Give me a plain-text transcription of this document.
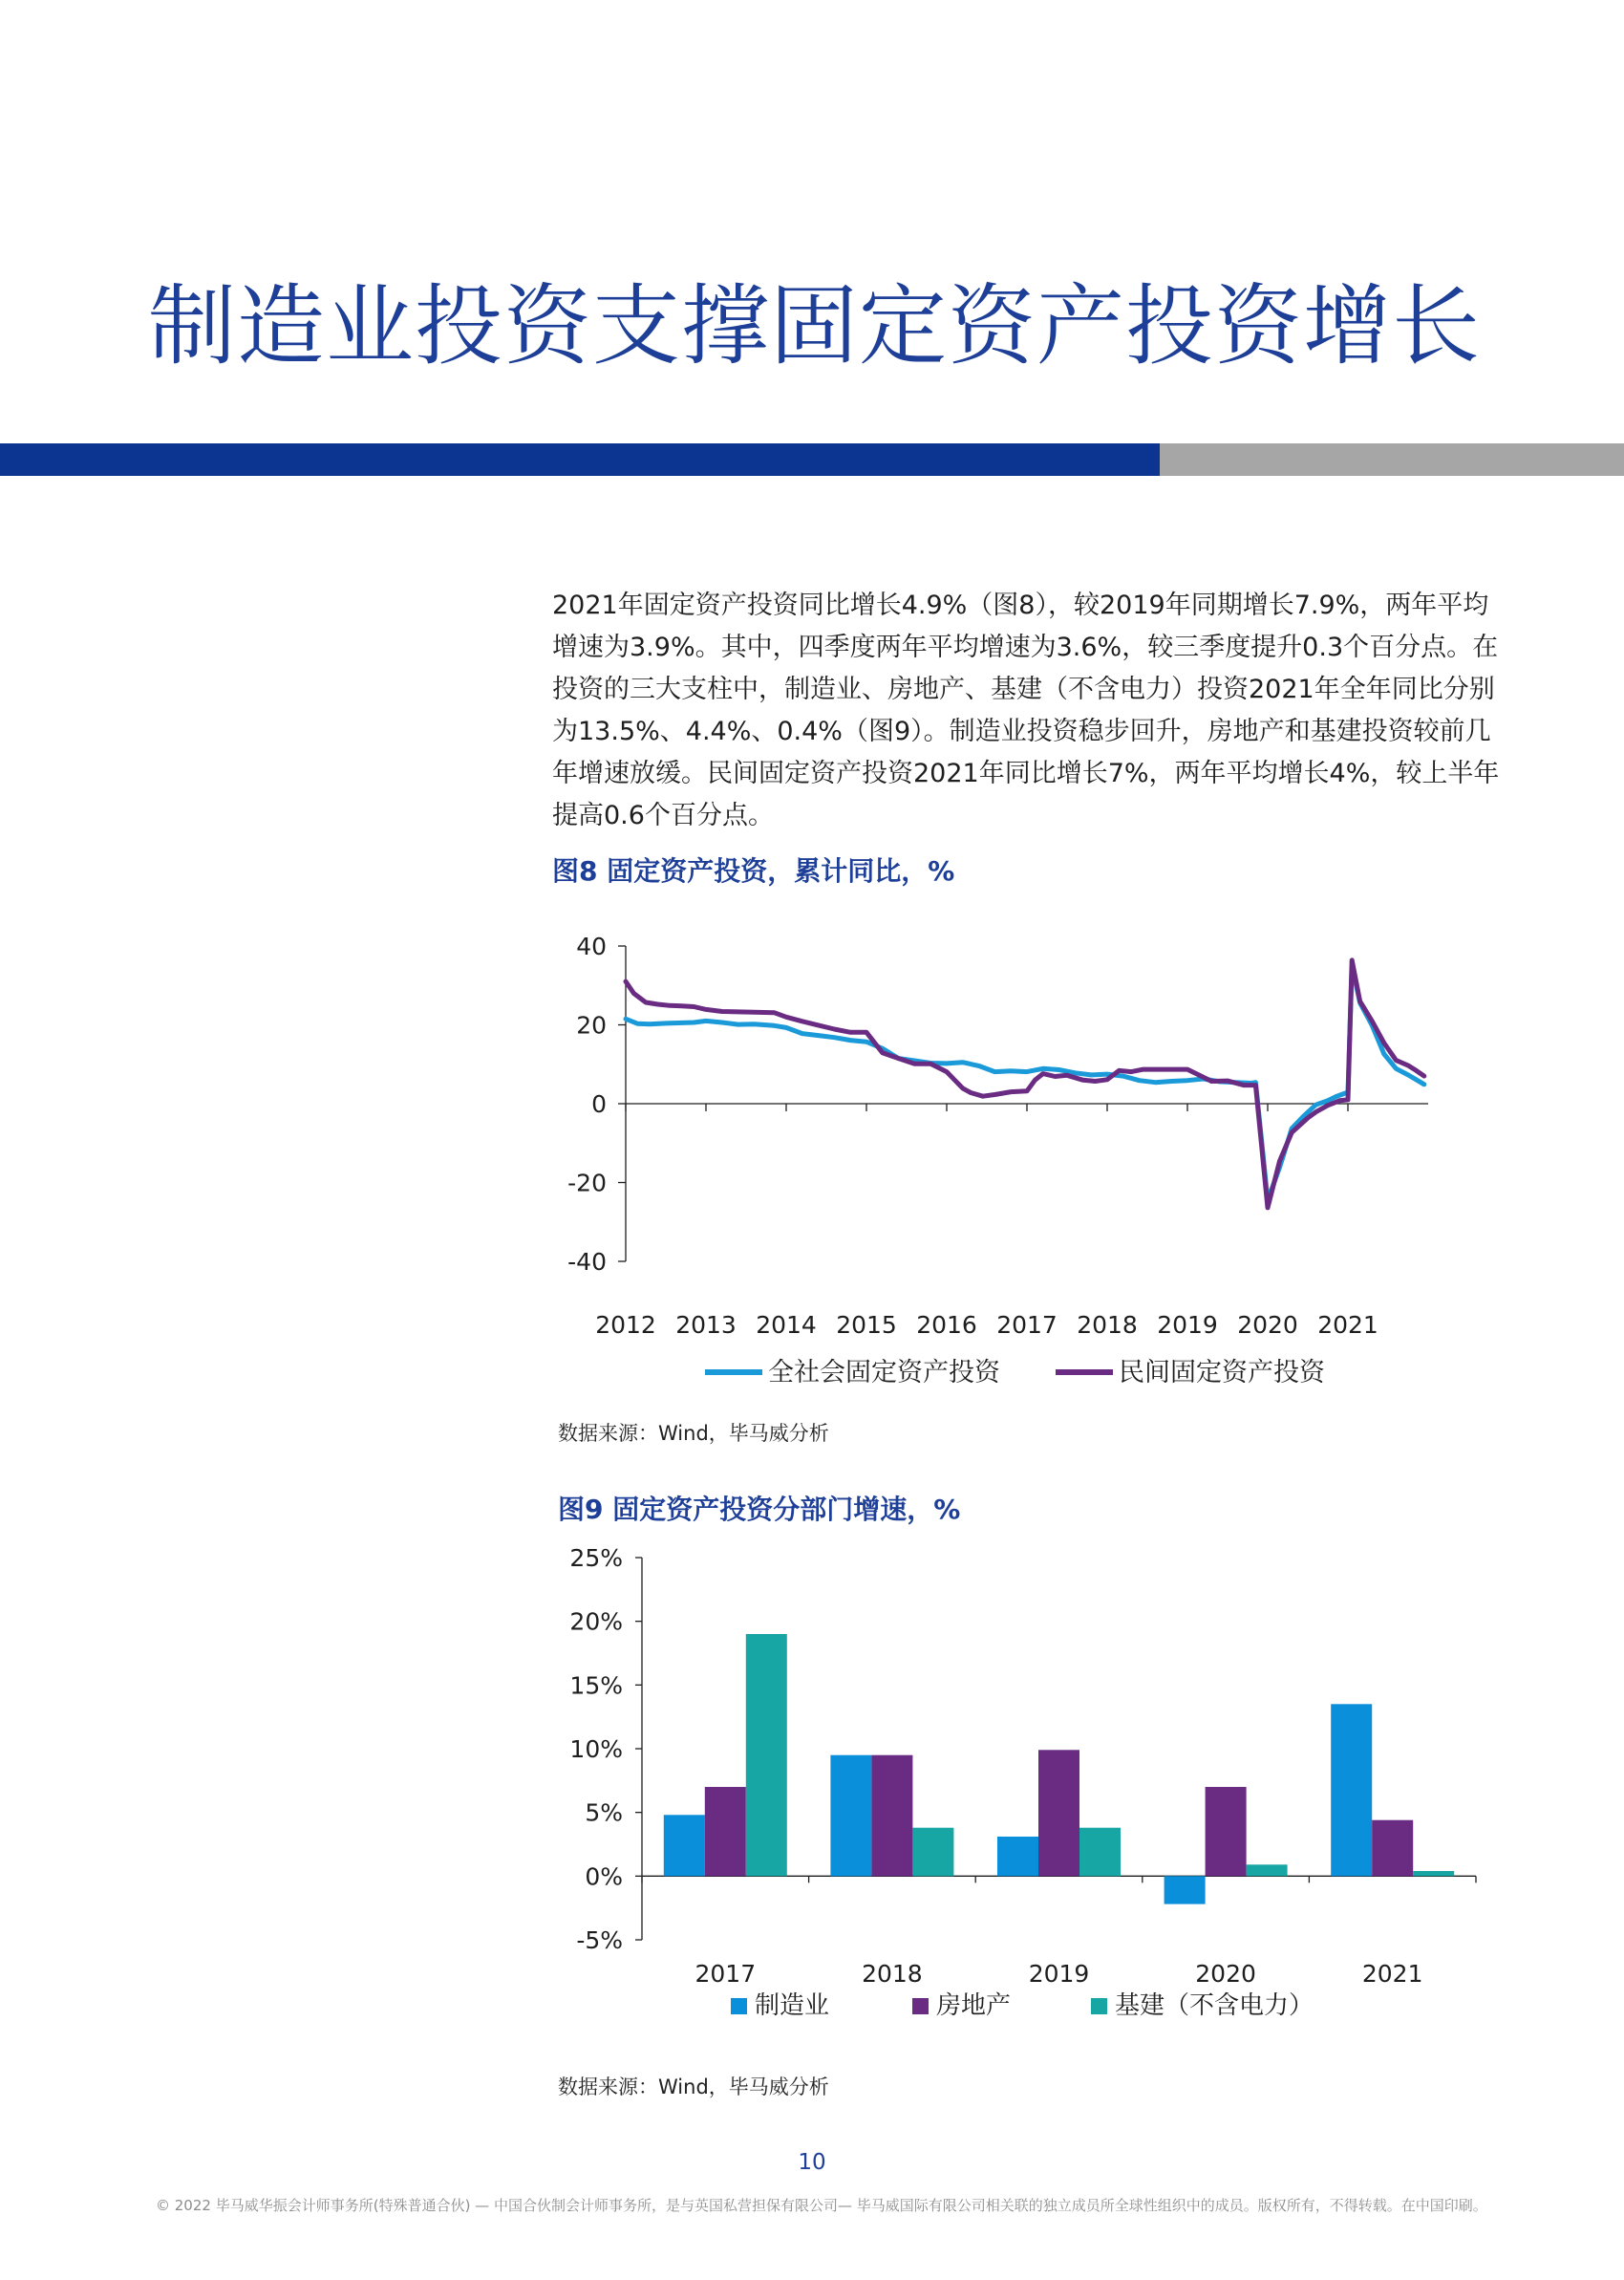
制造业投资支撑固定资产投资增长

2021年固定资产投资同比增长4.9%（图8），较2019年同期增长7.9%，两年平均增速为3.9%。其中，四季度两年平均增速为3.6%，较三季度提升0.3个百分点。在投资的三大支柱中，制造业、房地产、基建（不含电力）投资2021年全年同比分别为13.5%、4.4%、0.4%（图9）。制造业投资稳步回升，房地产和基建投资较前几年增速放缓。民间固定资产投资2021年同比增长7%，两年平均增长4%，较上半年提高0.6个百分点。

图8 固定资产投资，累计同比，%

40
20
0
-20
-40
2012 2013 2014 2015 2016 2017 2018 2019 2020 2021
全社会固定资产投资	民间固定资产投资
数据来源：Wind，毕马威分析

图9 固定资产投资分部门增速，%

25%
20%
15%
10%
5%
0%
-5%
2017	2018	2019	2020	2021
制造业	房地产	基建（不含电力）
数据来源：Wind，毕马威分析
10
© 2022 毕马威华振会计师事务所(特殊普通合伙) — 中国合伙制会计师事务所，是与英国私营担保有限公司— 毕马威国际有限公司相关联的独立成员所全球性组织中的成员。版权所有，不得转载。在中国印刷。
